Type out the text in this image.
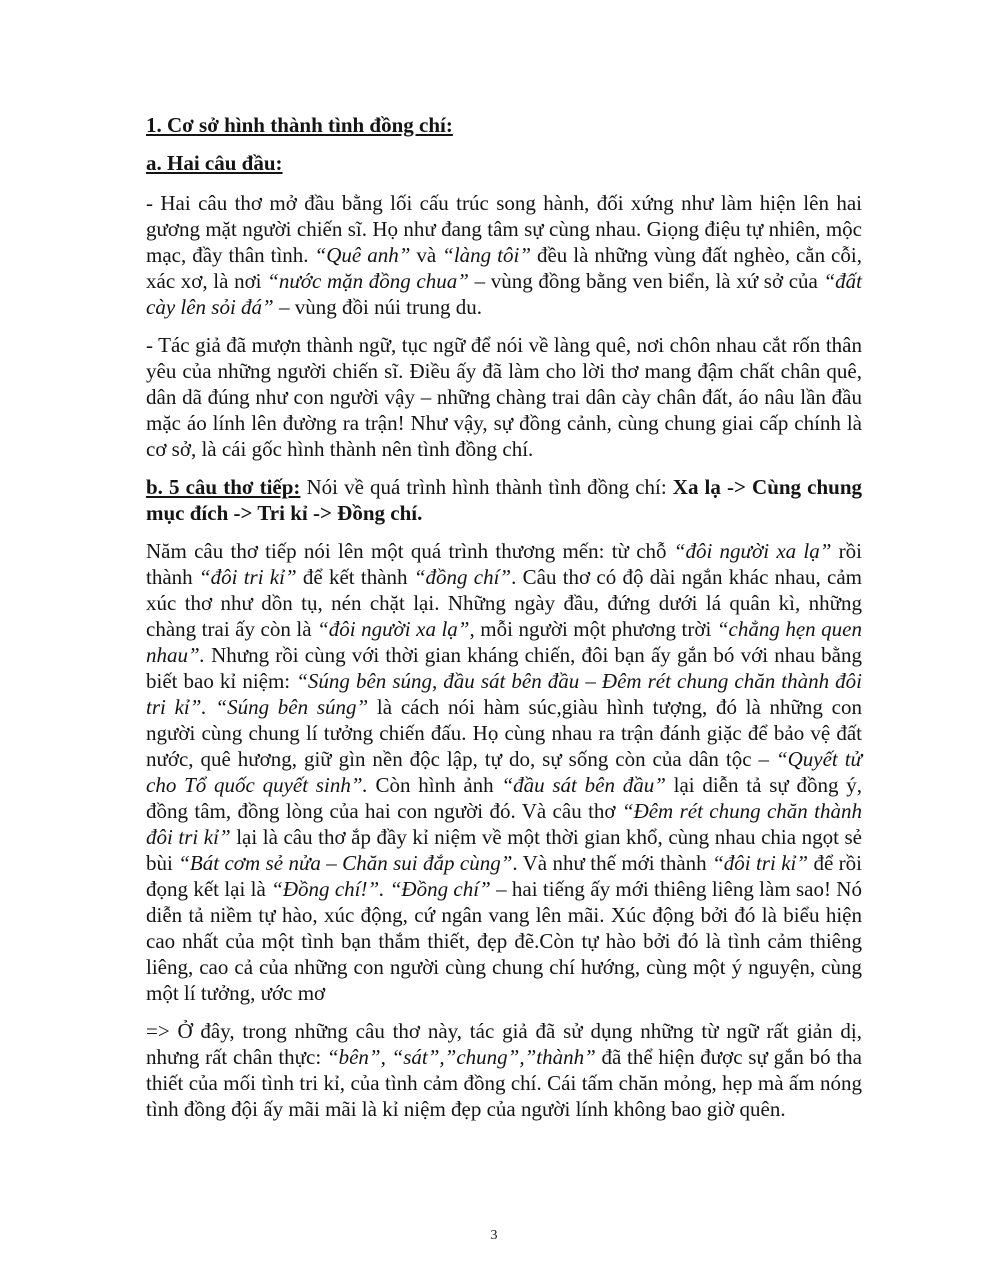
1. Cơ sở hình thành tình đồng chí:
a. Hai câu đầu:

- Hai câu thơ mở đầu bằng lối cấu trúc song hành, đối xứng như làm hiện lên hai gương mặt người chiến sĩ. Họ như đang tâm sự cùng nhau. Giọng điệu tự nhiên, mộc mạc, đầy thân tình. “Quê anh” và “làng tôi” đều là những vùng đất nghèo, cằn cỗi, xác xơ, là nơi “nước mặn đồng chua” – vùng đồng bằng ven biển, là xứ sở của “đất cày lên sỏi đá” – vùng đồi núi trung du.

- Tác giả đã mượn thành ngữ, tục ngữ để nói về làng quê, nơi chôn nhau cắt rốn thân yêu của những người chiến sĩ. Điều ấy đã làm cho lời thơ mang đậm chất chân quê, dân dã đúng như con người vậy – những chàng trai dân cày chân đất, áo nâu lần đầu mặc áo lính lên đường ra trận! Như vậy, sự đồng cảnh, cùng chung giai cấp chính là cơ sở, là cái gốc hình thành nên tình đồng chí.

b. 5 câu thơ tiếp: Nói về quá trình hình thành tình đồng chí: Xa lạ -> Cùng chung mục đích -> Tri kỉ -> Đồng chí.

Năm câu thơ tiếp nói lên một quá trình thương mến: từ chỗ “đôi người xa lạ” rồi thành “đôi tri kỉ” để kết thành “đồng chí”. Câu thơ có độ dài ngắn khác nhau, cảm xúc thơ như dồn tụ, nén chặt lại. Những ngày đầu, đứng dưới lá quân kì, những chàng trai ấy còn là “đôi người xa lạ”, mỗi người một phương trời “chẳng hẹn quen nhau”. Nhưng rồi cùng với thời gian kháng chiến, đôi bạn ấy gắn bó với nhau bằng biết bao kỉ niệm: “Súng bên súng, đầu sát bên đầu – Đêm rét chung chăn thành đôi tri kỉ”. “Súng bên súng” là cách nói hàm súc,giàu hình tượng, đó là những con người cùng chung lí tưởng chiến đấu. Họ cùng nhau ra trận đánh giặc để bảo vệ đất nước, quê hương, giữ gìn nền độc lập, tự do, sự sống còn của dân tộc – “Quyết tử cho Tổ quốc quyết sinh”. Còn hình ảnh “đầu sát bên đầu” lại diễn tả sự đồng ý, đồng tâm, đồng lòng của hai con người đó. Và câu thơ “Đêm rét chung chăn thành đôi tri kỉ” lại là câu thơ ắp đầy kỉ niệm về một thời gian khổ, cùng nhau chia ngọt sẻ bùi “Bát cơm sẻ nửa – Chăn sui đắp cùng”. Và như thế mới thành “đôi tri kỉ” để rồi đọng kết lại là “Đồng chí!”. “Đồng chí” – hai tiếng ấy mới thiêng liêng làm sao! Nó diễn tả niềm tự hào, xúc động, cứ ngân vang lên mãi. Xúc động bởi đó là biểu hiện cao nhất của một tình bạn thắm thiết, đẹp đẽ.Còn tự hào bởi đó là tình cảm thiêng liêng, cao cả của những con người cùng chung chí hướng, cùng một ý nguyện, cùng một lí tưởng, ước mơ

=> Ở đây, trong những câu thơ này, tác giả đã sử dụng những từ ngữ rất giản dị, nhưng rất chân thực: “bên”, “sát”,”chung”,”thành” đã thể hiện được sự gắn bó tha thiết của mối tình tri kỉ, của tình cảm đồng chí. Cái tấm chăn mỏng, hẹp mà ấm nóng tình đồng đội ấy mãi mãi là kỉ niệm đẹp của người lính không bao giờ quên.

3
